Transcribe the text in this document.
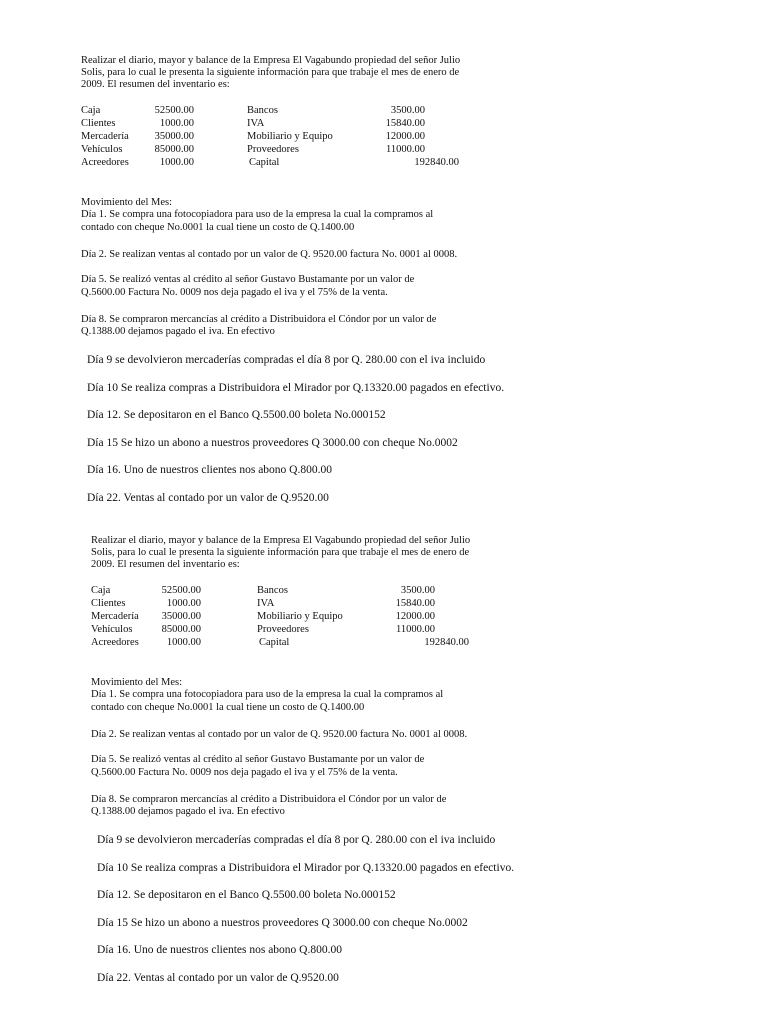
Realizar el diario, mayor y balance de la Empresa El Vagabundo propiedad del señor Julio
Solis, para lo cual le presenta la siguiente información para que trabaje el mes de enero de
2009. El resumen del inventario es:
Caja	52500.00	Bancos	3500.00
Clientes	1000.00	IVA	15840.00
Mercadería	35000.00	Mobiliario y Equipo	12000.00
Vehículos	85000.00	Proveedores	11000.00
Acreedores	1000.00	Capital	192840.00
Movimiento del Mes:
Día 1. Se compra una fotocopiadora para uso de la empresa la cual la compramos al
contado con cheque No.0001 la cual tiene un costo de Q.1400.00
Día 2. Se realizan ventas al contado por un valor de Q. 9520.00 factura No. 0001 al 0008.
Día 5. Se realizó ventas al crédito al señor Gustavo Bustamante por un valor de
Q.5600.00 Factura No. 0009 nos deja pagado el iva y el 75% de la venta.
Día 8. Se compraron mercancías al crédito a Distribuidora el Cóndor por un valor de
Q.1388.00 dejamos pagado el iva. En efectivo
Día 9 se devolvieron mercaderías compradas el día 8 por Q. 280.00 con el iva incluido
Día 10 Se realiza compras a Distribuidora el Mirador por Q.13320.00 pagados en efectivo.
Día 12. Se depositaron en el Banco Q.5500.00 boleta No.000152
Día 15 Se hizo un abono a nuestros proveedores Q 3000.00 con cheque No.0002
Día 16. Uno de nuestros clientes nos abono Q.800.00
Día 22. Ventas al contado por un valor de Q.9520.00
Realizar el diario, mayor y balance de la Empresa El Vagabundo propiedad del señor Julio
Solis, para lo cual le presenta la siguiente información para que trabaje el mes de enero de
2009. El resumen del inventario es:
Caja	52500.00	Bancos	3500.00
Clientes	1000.00	IVA	15840.00
Mercadería	35000.00	Mobiliario y Equipo	12000.00
Vehículos	85000.00	Proveedores	11000.00
Acreedores	1000.00	Capital	192840.00
Movimiento del Mes:
Día 1. Se compra una fotocopiadora para uso de la empresa la cual la compramos al
contado con cheque No.0001 la cual tiene un costo de Q.1400.00
Día 2. Se realizan ventas al contado por un valor de Q. 9520.00 factura No. 0001 al 0008.
Día 5. Se realizó ventas al crédito al señor Gustavo Bustamante por un valor de
Q.5600.00 Factura No. 0009 nos deja pagado el iva y el 75% de la venta.
Día 8. Se compraron mercancías al crédito a Distribuidora el Cóndor por un valor de
Q.1388.00 dejamos pagado el iva. En efectivo
Día 9 se devolvieron mercaderías compradas el día 8 por Q. 280.00 con el iva incluido
Día 10 Se realiza compras a Distribuidora el Mirador por Q.13320.00 pagados en efectivo.
Día 12. Se depositaron en el Banco Q.5500.00 boleta No.000152
Día 15 Se hizo un abono a nuestros proveedores Q 3000.00 con cheque No.0002
Día 16. Uno de nuestros clientes nos abono Q.800.00
Día 22. Ventas al contado por un valor de Q.9520.00
